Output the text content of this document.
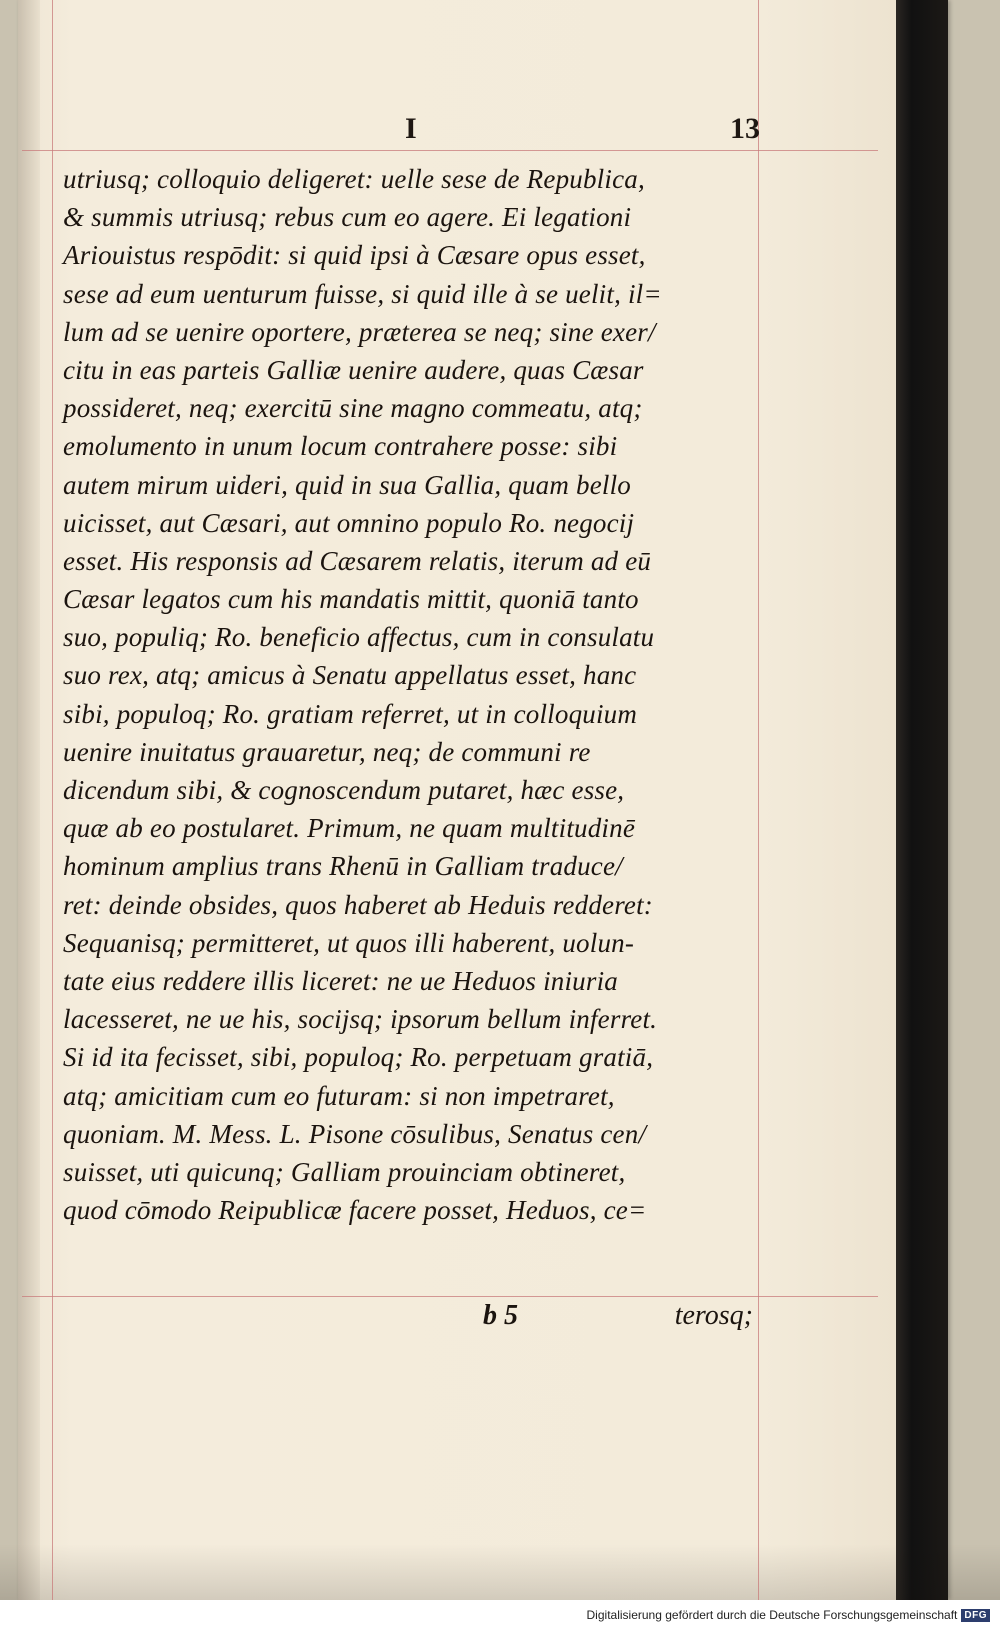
I	13
utriusq; colloquio deligeret: uelle sese de Republica,
& summis utriusq; rebus cum eo agere. Ei legationi
Ariouistus respōdit: si quid ipsi à Cæsare opus esset,
sese ad eum uenturum fuisse, si quid ille à se uelit, il=
lum ad se uenire oportere, præterea se neq; sine exer/
citu in eas parteis Galliæ uenire audere, quas Cæsar
possideret, neq; exercitū sine magno commeatu, atq;
emolumento in unum locum contrahere posse: sibi
autem mirum uideri, quid in sua Gallia, quam bello
uicisset, aut Cæsari, aut omnino populo Ro. negocij
esset. His responsis ad Cæsarem relatis, iterum ad eū
Cæsar legatos cum his mandatis mittit, quoniā tanto
suo, populiq; Ro. beneficio affectus, cum in consulatu
suo rex, atq; amicus à Senatu appellatus esset, hanc
sibi, populoq; Ro. gratiam referret, ut in colloquium
uenire inuitatus grauaretur, neq; de communi re
dicendum sibi, & cognoscendum putaret, hæc esse,
quæ ab eo postularet. Primum, ne quam multitudinē
hominum amplius trans Rhenū in Galliam traduce/
ret: deinde obsides, quos haberet ab Heduis redderet:
Sequanisq; permitteret, ut quos illi haberent, uolun-
tate eius reddere illis liceret: ne ue Heduos iniuria
lacesseret, ne ue his, socijsq; ipsorum bellum inferret.
Si id ita fecisset, sibi, populoq; Ro. perpetuam gratiā,
atq; amicitiam cum eo futuram: si non impetraret,
quoniam. M. Mess. L. Pisone cōsulibus, Senatus cen/
suisset, uti quicunq; Galliam prouinciam obtineret,
quod cōmodo Reipublicæ facere posset, Heduos, ce=
b 5	terosq;
Digitalisierung gefördert durch die Deutsche Forschungsgemeinschaft DFG
